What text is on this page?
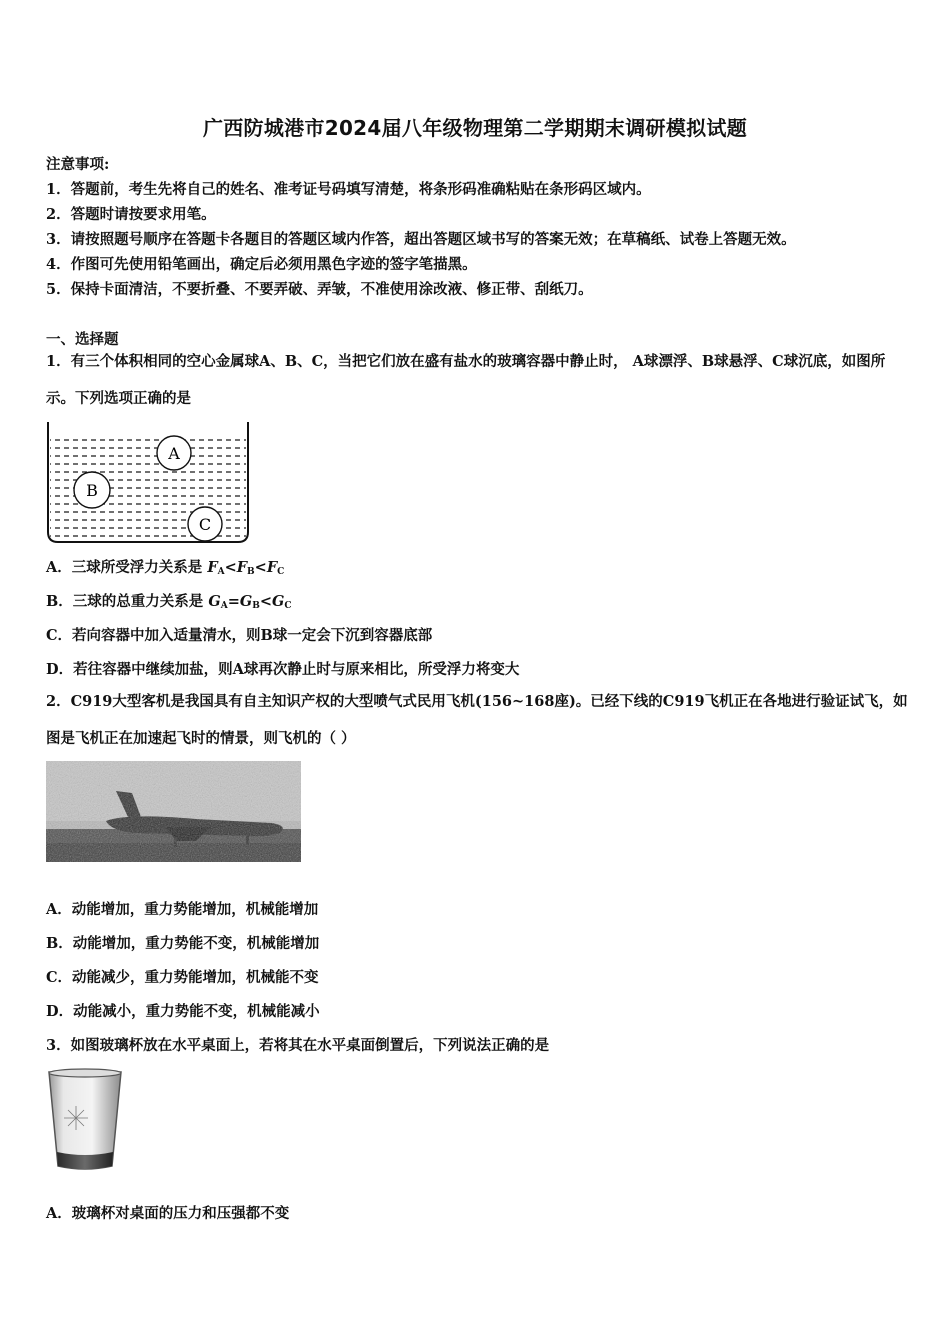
广西防城港市2024届八年级物理第二学期期末调研模拟试题
注意事项:
1．答题前，考生先将自己的姓名、准考证号码填写清楚，将条形码准确粘贴在条形码区域内。
2．答题时请按要求用笔。
3．请按照题号顺序在答题卡各题目的答题区域内作答，超出答题区域书写的答案无效；在草稿纸、试卷上答题无效。
4．作图可先使用铅笔画出，确定后必须用黑色字迹的签字笔描黑。
5．保持卡面清洁，不要折叠、不要弄破、弄皱，不准使用涂改液、修正带、刮纸刀。
一、选择题
1．有三个体积相同的空心金属球A、B、C，当把它们放在盛有盐水的玻璃容器中静止时， A球漂浮、B球悬浮、C球沉底，如图所示。下列选项正确的是
A
B
C
A．三球所受浮力关系是 $F_A<F_B<F_C$
B．三球的总重力关系是 $G_A=G_B<G_C$
C．若向容器中加入适量清水，则B球一定会下沉到容器底部
D．若往容器中继续加盐，则A球再次静止时与原来相比，所受浮力将变大
2．C919大型客机是我国具有自主知识产权的大型喷气式民用飞机(156~168座)。已经下线的C919飞机正在各地进行验证试飞，如图是飞机正在加速起飞时的情景，则飞机的（ ）
A．动能增加，重力势能增加，机械能增加
B．动能增加，重力势能不变，机械能增加
C．动能减少，重力势能增加，机械能不变
D．动能减小，重力势能不变，机械能减小
3．如图玻璃杯放在水平桌面上，若将其在水平桌面倒置后，下列说法正确的是
A．玻璃杯对桌面的压力和压强都不变
